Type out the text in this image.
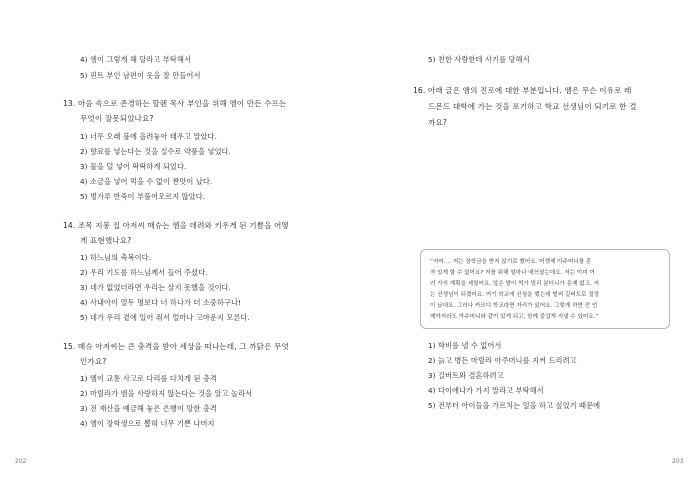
4) 엠이 그렇게 해 달라고 부탁해서
5) 핀트 부인 남편이 웃을 잘 만들어서
13. 마음 속으로 존경하는 할렌 목사 부인을 위해 엠이 만든 수프는
무엇이 잘못되었나요?
1) 너무 오래 불에 올려놓아 태우고 말았다.
2) 향료를 넣는다는 것을 실수로 약품을 넣었다.
3) 물을 덜 넣어 딱딱하게 되었다.
4) 소금을 넣어 먹을 수 없이 짠맛이 났다.
5) 벙가루 반죽이 부풀어오르지 않았다.
14. 조목 지붕 집 아저씨 매슈는 엠을 데려와 키우게 된 기쁨을 어떻
게 표현했나요?
1) 하느님의 축복이다.
2) 우리 기도를 하느님께서 들어 주셨다.
3) 네가 없었더라면 우리는 살지 못했을 것이다.
4) 사내아이 열두 명보다 너 하나가 더 소중하구나!
5) 네가 우리 곁에 있어 줘서 얼마나 고마운지 모른다.
15. 매슈 아저씨는 큰 충격을 받아 세상을 떠나는데, 그 까닭은 무엇
인가요?
1) 엠이 교통 사고로 다리를 다치게 된 충격
2) 마릴라가 엠을 사랑하지 않는다는 것을 알고 놀라서
3) 전 재산을 예금해 놓은 은행이 망한 충격
4) 엠이 장학생으로 뽑혀 너무 기쁜 나머지
202
5) 친한 사람한테 사기를 당해서
16. 아래 글은 엠의 진로에 대한 부분입니다. 엠은 무슨 이유로 레
드몬드 대학에 가는 것을 포기하고 학교 선생님이 되기로 한 걸
까요?
“저어…, 저는 장학금을 받지 않기로 했어요. 어젯제 아주머니를 혼
자 있게 할 수 없어요? 저를 위해 얼마나 애쓰셨는데요. 저는 이미 여
러 가지 계획을 세웠어요. 앞은 밤이 먹가 빌리 분더니가 문제 없고, 저
는 선생님이 되겠어요. 여기 학교에 신청을 했는데 벌써 길버트로 결정
이 났대요. 그러나 카모디 학교라면 자리가 있어요. 그렇게 하면 전 언
제까지라도 아주머니와 같이 있게 되고, 함께 즐겁게 지낼 수 있어요.”
1) 학비를 낼 수 없어서
2) 늙고 병든 마릴라 아주머니를 지켜 드리려고
3) 길버트와 결혼하려고
4) 다이애나가 가지 말라고 부탁해서
5) 전부터 아이들을 가르치는 일을 하고 싶었기 때문에
203
